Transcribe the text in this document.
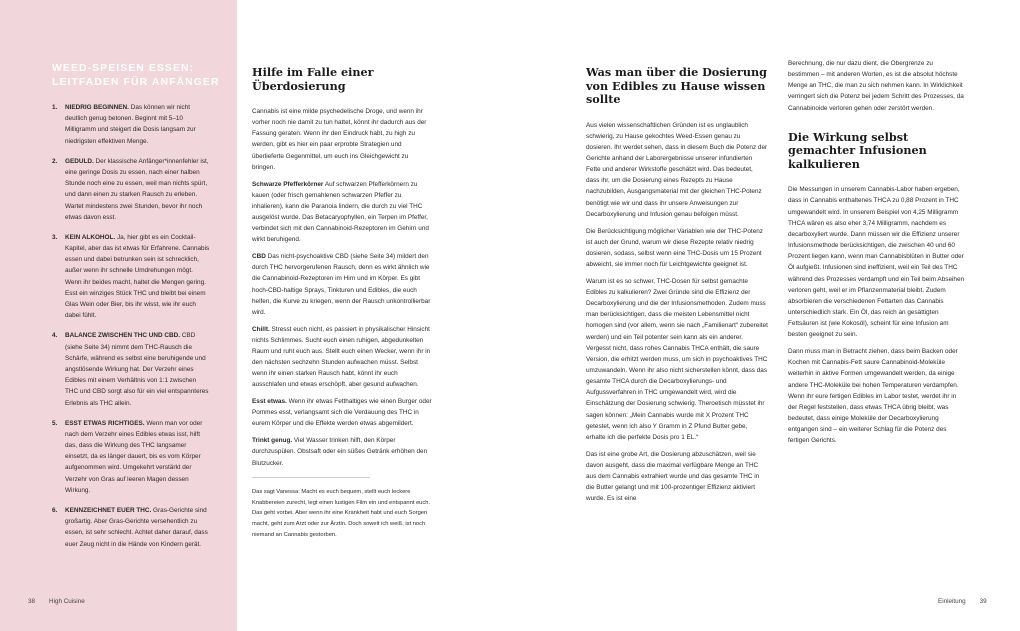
WEED-SPEISEN ESSEN: LEITFADEN FÜR ANFÄNGER
1. NIEDRIG BEGINNEN. Das können wir nicht deutlich genug betonen. Beginnt mit 5–10 Milligramm und steigert die Dosis langsam zur niedrigsten effektiven Menge.
2. GEDULD. Der klassische Anfänger*innenfehler ist, eine geringe Dosis zu essen, nach einer halben Stunde noch eine zu essen, weil man nichts spürt, und dann einen zu starken Rausch zu erleben. Wartet mindestens zwei Stunden, bevor ihr noch etwas davon esst.
3. KEIN ALKOHOL. Ja, hier gibt es ein Cocktail-Kapitel, aber das ist etwas für Erfahrene. Cannabis essen und dabei betrunken sein ist schrecklich, außer wenn ihr schnelle Umdrehungen mögt. Wenn ihr beides macht, haltet die Mengen gering. Esst ein winziges Stück THC und bleibt bei einem Glas Wein oder Bier, bis ihr wisst, wie ihr euch dabei fühlt.
4. BALANCE ZWISCHEN THC UND CBD. CBD (siehe Seite 34) nimmt dem THC-Rausch die Schärfe, während es selbst eine beruhigende und angstlösende Wirkung hat. Der Verzehr eines Edibles mit einem Verhältnis von 1:1 zwischen THC und CBD sorgt also für ein viel entspannteres Erlebnis als THC allein.
5. ESST ETWAS RICHTIGES. Wenn man vor oder nach dem Verzehr eines Edibles etwas isst, hilft das, dass die Wirkung des THC langsamer einsetzt, da es länger dauert, bis es vom Körper aufgenommen wird. Umgekehrt verstärkt der Verzehr von Gras auf leeren Magen dessen Wirkung.
6. KENNZEICHNET EUER THC. Gras-Gerichte sind großartig. Aber Gras-Gerichte versehentlich zu essen, ist sehr schlecht. Achtet daher darauf, dass euer Zeug nicht in die Hände von Kindern gerät.
38 High Cuisine
Hilfe im Falle einer Überdosierung

Cannabis ist eine milde psychedelische Droge, und wenn ihr vorher noch nie damit zu tun hattet, könnt ihr dadurch aus der Fassung geraten. Wenn ihr den Eindruck habt, zu high zu werden, gibt es hier ein paar erprobte Strategien und überlieferte Gegenmittel, um euch ins Gleichgewicht zu bringen.

Schwarze Pfefferkörner Auf schwarzen Pfefferkörnern zu kauen (oder frisch gemahlenen schwarzen Pfeffer zu inhalieren), kann die Paranoia lindern, die durch zu viel THC ausgelöst wurde. Das Betacaryophyllen, ein Terpen im Pfeffer, verbindet sich mit den Cannabinoid-Rezeptoren im Gehirn und wirkt beruhigend.

CBD Das nicht-psychoaktive CBD (siehe Seite 34) mildert den durch THC hervorgerufenen Rausch, denn es wirkt ähnlich wie die Cannabinoid-Rezeptoren im Hirn und im Körper. Es gibt hoch-CBD-haltige Sprays, Tinkturen und Edibles, die euch helfen, die Kurve zu kriegen, wenn der Rausch unkontrollierbar wird.

Chillt. Stresst euch nicht, es passiert in physikalischer Hinsicht nichts Schlimmes. Sucht euch einen ruhigen, abgedunkelten Raum und ruht euch aus. Stellt euch einen Wecker, wenn ihr in den nächsten sechzehn Stunden aufwachen müsst. Selbst wenn ihr einen starken Rausch habt, könnt ihr euch ausschlafen und etwas erschöpft, aber gesund aufwachen.

Esst etwas. Wenn ihr etwas Fetthaltiges wie einen Burger oder Pommes esst, verlangsamt sich die Verdauung des THC in eurem Körper und die Effekte werden etwas abgemildert.

Trinkt genug. Viel Wasser trinken hilft, den Körper durchzuspülen. Obstsaft oder ein süßes Getränk erhöhen den Blutzucker.

Das sagt Vanessa: Macht es euch bequem, stellt euch leckere Knabbereien zurecht, legt einen lustigen Film ein und entspannt euch. Das geht vorbei. Aber wenn ihr eine Krankheit habt und euch Sorgen macht, geht zum Arzt oder zur Ärztin. Doch soweit ich weiß, ist noch niemand an Cannabis gestorben.

Was man über die Dosierung von Edibles zu Hause wissen sollte

Aus vielen wissenschaftlichen Gründen ist es unglaublich schwierig, zu Hause gekochtes Weed-Essen genau zu dosieren. Ihr werdet sehen, dass in diesem Buch die Potenz der Gerichte anhand der Laborergebnisse unserer infundierten Fette und anderer Wirkstoffe geschätzt wird. Das bedeutet, dass ihr, um die Dosierung eines Rezepts zu Hause nachzubilden, Ausgangsmaterial mit der gleichen THC-Potenz benötigt wie wir und dass ihr unsere Anweisungen zur Decarboxylierung und Infusion genau befolgen müsst.

Die Berücksichtigung möglicher Variablen wie der THC-Potenz ist auch der Grund, warum wir diese Rezepte relativ niedrig dosieren, sodass, selbst wenn eine THC-Dosis um 15 Prozent abweicht, sie immer noch für Leichtgewichte geeignet ist.

Warum ist es so schwer, THC-Dosen für selbst gemachte Edibles zu kalkulieren? Zwei Gründe sind die Effizienz der Decarboxylierung und die der Infusionsmethoden. Zudem muss man berücksichtigen, dass die meisten Lebensmittel nicht homogen sind (vor allem, wenn sie nach „Familienart“ zubereitet werden) und ein Teil potenter sein kann als ein anderer. Vergesst nicht, dass rohes Cannabis THCA enthält, die saure Version, die erhitzt werden muss, um sich in psychoaktives THC umzuwandeln. Wenn ihr also nicht sicherstellen könnt, dass das gesamte THCA durch die Decarboxylierungs- und Aufgussverfahren in THC umgewandelt wird, wird die Einschätzung der Dosierung schwierig. Theroetisch müsstet ihr sagen können: „Mein Cannabis wurde mit X Prozent THC getestet, wenn ich also Y Gramm in Z Pfund Butter gebe, erhalte ich die perfekte Dosis pro 1 EL.“

Das ist eine grobe Art, die Dosierung abzuschätzen, weil sie davon ausgeht, dass die maximal verfügbare Menge an THC aus dem Cannabis extrahiert wurde und das gesamte THC in die Butter gelangt und mit 100-prozentiger Effizienz aktiviert wurde. Es ist eine

Berechnung, die nur dazu dient, die Obergrenze zu bestimmen – mit anderen Worten, es ist die absolut höchste Menge an THC, die man zu sich nehmen kann. In Wirklichkeit verringert sich die Potenz bei jedem Schritt des Prozesses, da Cannabinoide verloren gehen oder zerstört werden.

Die Wirkung selbst gemachter Infusionen kalkulieren

Die Messungen in unserem Cannabis-Labor haben ergeben, dass in Cannabis enthaltenes THCA zu 0,88 Prozent in THC umgewandelt wird. In unserem Beispiel von 4,25 Milligramm THCA wären es also eher 3,74 Milligramm, nachdem es decarboxyliert wurde. Dann müssen wir die Effizienz unserer Infusionsmethode berücksichtigen, die zwischen 40 und 60 Prozent liegen kann, wenn man Cannabisblüten in Butter oder Öl aufgießt. Infusionen sind ineffizient, weil ein Teil des THC während des Prozesses verdampft und ein Teil beim Abseihen verloren geht, weil er im Pflanzenmaterial bleibt. Zudem absorbieren die verschiedenen Fettarten das Cannabis unterschiedlich stark. Ein Öl, das reich an gesättigten Fettsäuren ist (wie Kokosöl), scheint für eine Infusion am besten geeignet zu sein.

Dann muss man in Betracht ziehen, dass beim Backen oder Kochen mit Cannabis-Fett saure Cannabinoid-Moleküle weiterhin in aktive Formen umgewandelt werden, da einige andere THC-Moleküle bei hohen Temperaturen verdampfen. Wenn ihr eure fertigen Edibles im Labor testet, werdet ihr in der Regel feststellen, dass etwas THCA übrig bleibt, was bedeutet, dass einige Moleküle der Decarboxylierung entgangen sind – ein weiterer Schlag für die Potenz des fertigen Gerichts.

Einleitung 39
